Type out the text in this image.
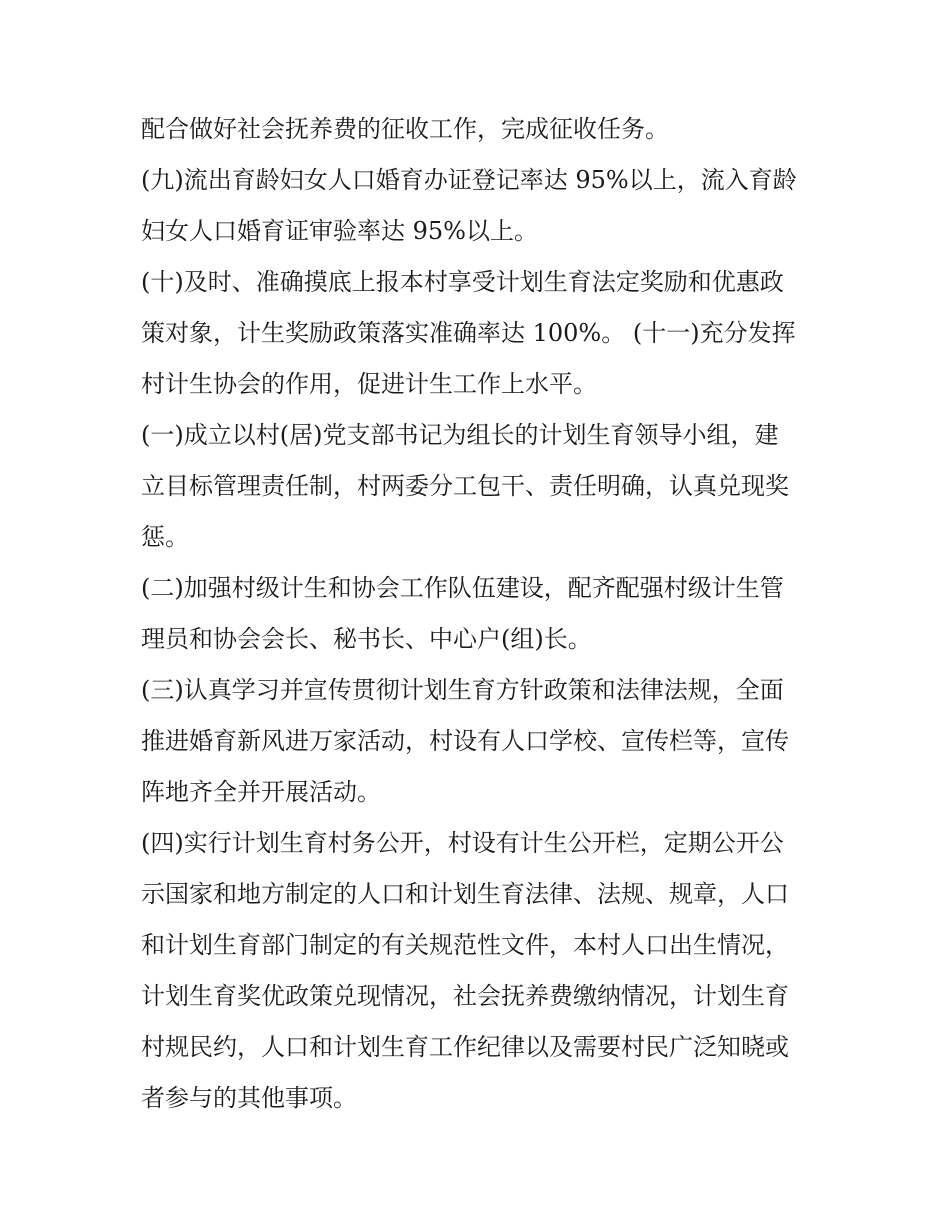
配合做好社会抚养费的征收工作，完成征收任务。
(九)流出育龄妇女人口婚育办证登记率达 95%以上，流入育龄
妇女人口婚育证审验率达 95%以上。
(十)及时、准确摸底上报本村享受计划生育法定奖励和优惠政
策对象，计生奖励政策落实准确率达 100%。 (十一)充分发挥
村计生协会的作用，促进计生工作上水平。
(一)成立以村(居)党支部书记为组长的计划生育领导小组，建
立目标管理责任制，村两委分工包干、责任明确，认真兑现奖
惩。
(二)加强村级计生和协会工作队伍建设，配齐配强村级计生管
理员和协会会长、秘书长、中心户(组)长。
(三)认真学习并宣传贯彻计划生育方针政策和法律法规，全面
推进婚育新风进万家活动，村设有人口学校、宣传栏等，宣传
阵地齐全并开展活动。
(四)实行计划生育村务公开，村设有计生公开栏，定期公开公
示国家和地方制定的人口和计划生育法律、法规、规章，人口
和计划生育部门制定的有关规范性文件，本村人口出生情况，
计划生育奖优政策兑现情况，社会抚养费缴纳情况，计划生育
村规民约，人口和计划生育工作纪律以及需要村民广泛知晓或
者参与的其他事项。
